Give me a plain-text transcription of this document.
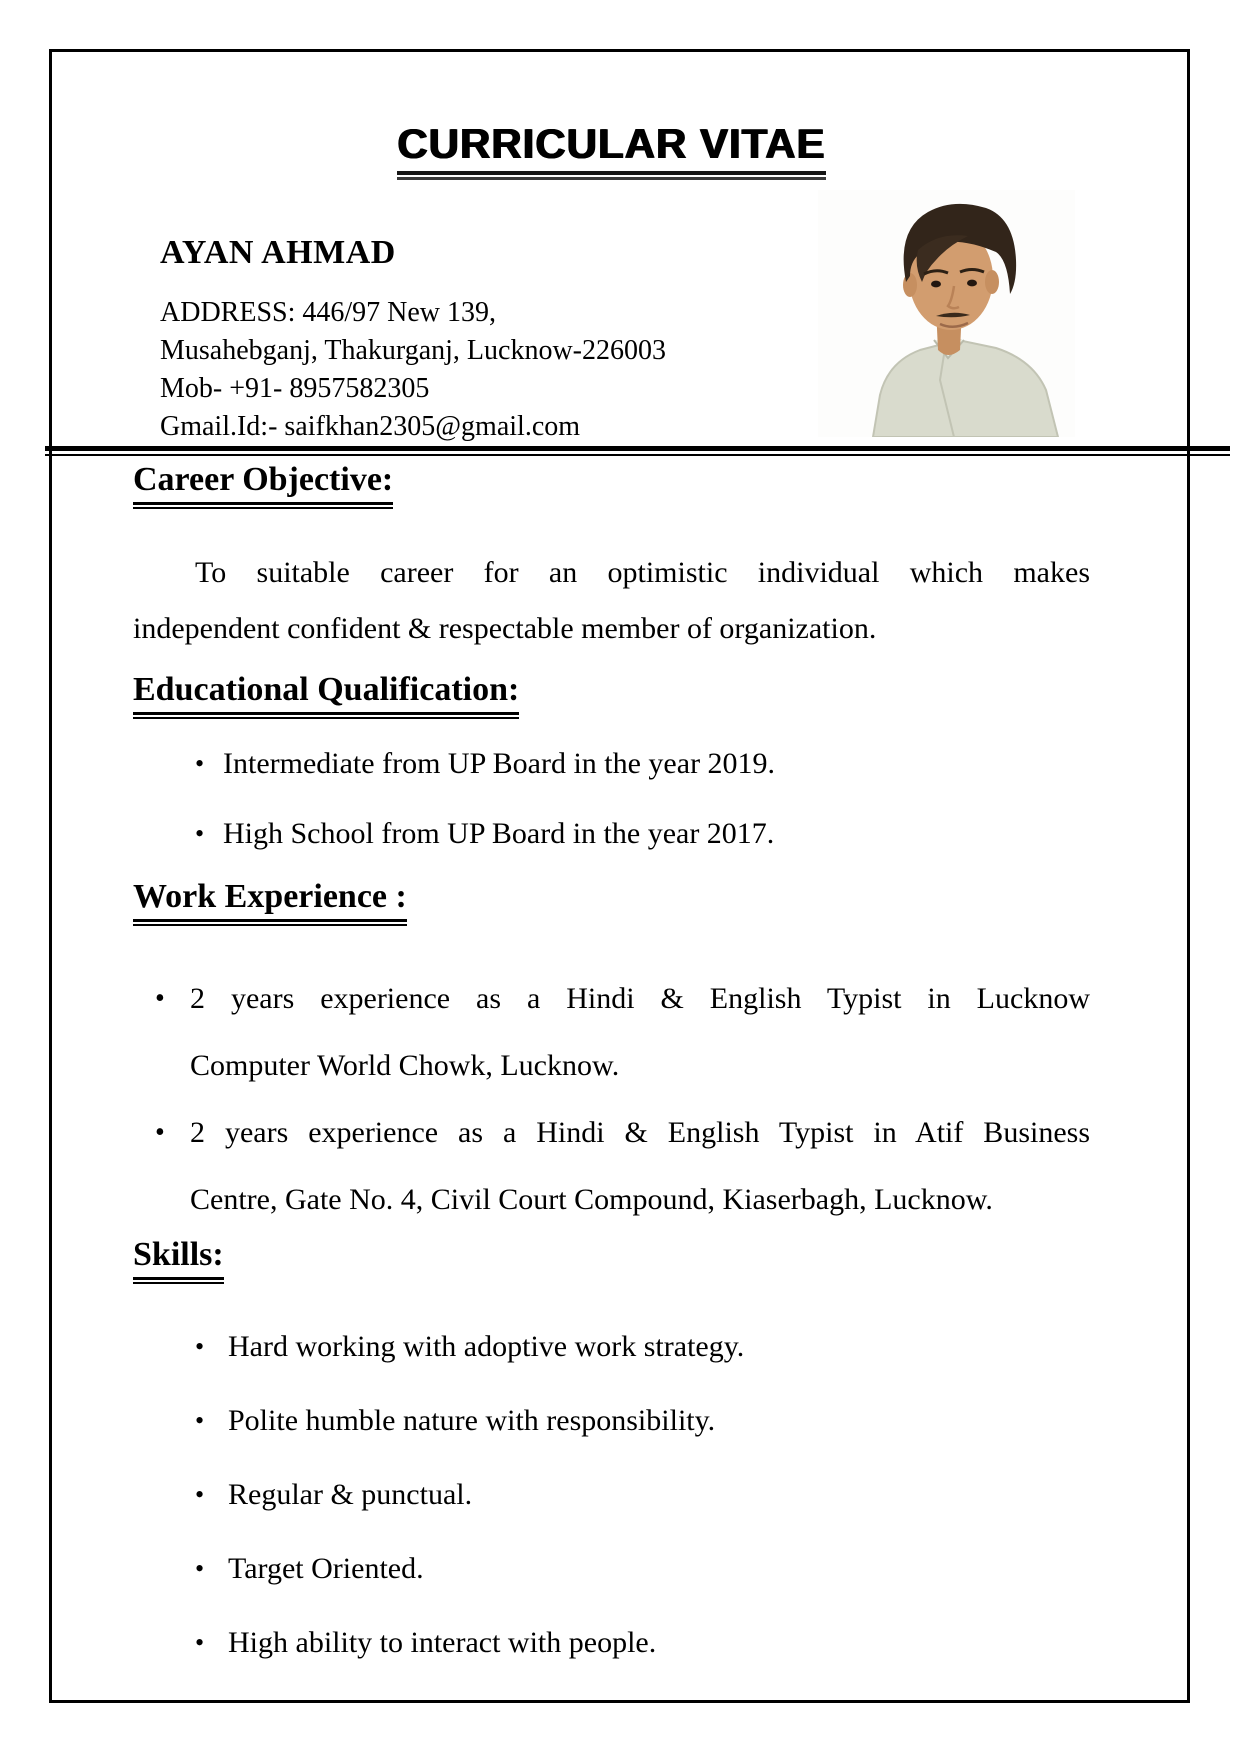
CURRICULAR VITAE
AYAN AHMAD
ADDRESS: 446/97 New 139,
Musahebganj, Thakurganj, Lucknow-226003
Mob- +91- 8957582305
Gmail.Id:- saifkhan2305@gmail.com
Career Objective:
To suitable career for an optimistic individual which makes
independent confident & respectable member of organization.
Educational Qualification:
• Intermediate from UP Board in the year 2019.
• High School from UP Board in the year 2017.
Work Experience :
• 2 years experience as a Hindi & English Typist in Lucknow
Computer World Chowk, Lucknow.
• 2 years experience as a Hindi & English Typist in Atif Business
Centre, Gate No. 4, Civil Court Compound, Kiaserbagh, Lucknow.
Skills:
• Hard working with adoptive work strategy.
• Polite humble nature with responsibility.
• Regular & punctual.
• Target Oriented.
• High ability to interact with people.
